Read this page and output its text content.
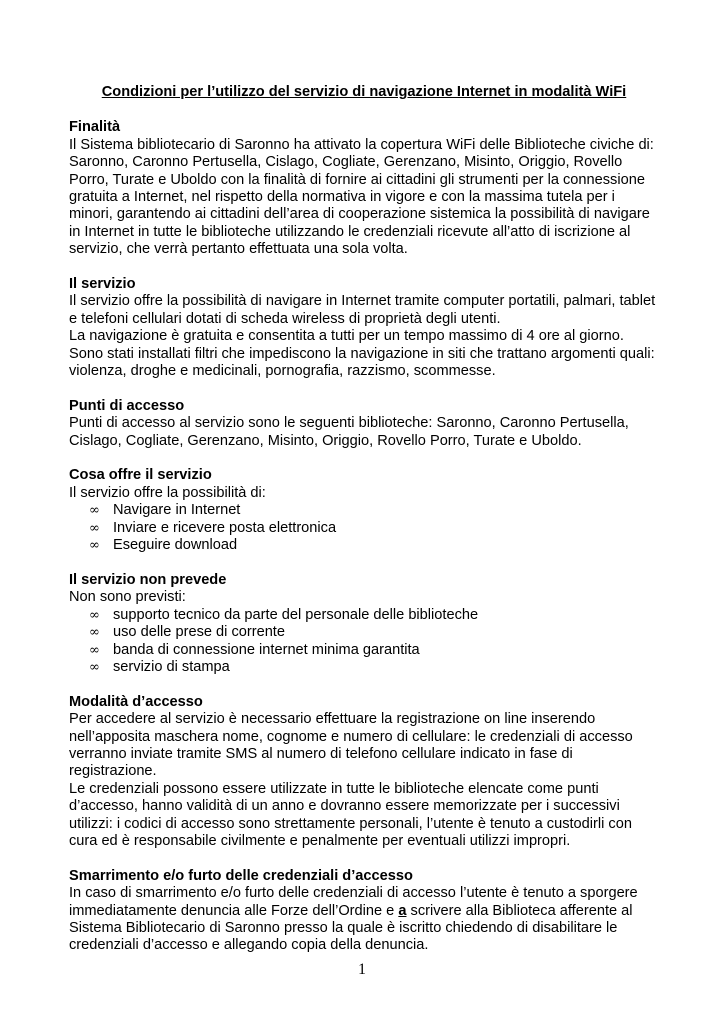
Condizioni per l’utilizzo del servizio di navigazione Internet in modalità WiFi

Finalità

Il Sistema bibliotecario di Saronno ha attivato la copertura WiFi delle Biblioteche civiche di: Saronno, Caronno Pertusella, Cislago, Cogliate, Gerenzano, Misinto, Origgio, Rovello Porro, Turate e Uboldo con la finalità di fornire ai cittadini gli strumenti per la connessione gratuita a Internet, nel rispetto della normativa in vigore e con la massima tutela per i minori, garantendo ai cittadini dell’area di cooperazione sistemica la possibilità di navigare in Internet in tutte le biblioteche utilizzando le credenziali ricevute all’atto di iscrizione al servizio, che verrà pertanto effettuata una sola volta.

Il servizio

Il servizio offre la possibilità di navigare in Internet tramite computer portatili, palmari, tablet e telefoni cellulari dotati di scheda wireless di proprietà degli utenti.

La navigazione è gratuita e consentita a tutti per un tempo massimo di 4 ore al giorno.

Sono stati installati filtri che impediscono la navigazione in siti che trattano argomenti quali: violenza, droghe e medicinali, pornografia, razzismo, scommesse.

Punti di accesso

Punti di accesso al servizio sono le seguenti biblioteche: Saronno, Caronno Pertusella, Cislago, Cogliate, Gerenzano, Misinto, Origgio, Rovello Porro, Turate e Uboldo.

Cosa offre il servizio

Il servizio offre la possibilità di:

∞ Navigare in Internet
∞ Inviare e ricevere posta elettronica
∞ Eseguire download

Il servizio non prevede

Non sono previsti:

∞ supporto tecnico da parte del personale delle biblioteche
∞ uso delle prese di corrente
∞ banda di connessione internet minima garantita
∞ servizio di stampa

Modalità d’accesso

Per accedere al servizio è necessario effettuare la registrazione on line inserendo nell’apposita maschera nome, cognome e numero di cellulare: le credenziali di accesso verranno inviate tramite SMS al numero di telefono cellulare indicato in fase di registrazione.

Le credenziali possono essere utilizzate in tutte le biblioteche elencate come punti d’accesso, hanno validità di un anno e dovranno essere memorizzate per i successivi utilizzi: i codici di accesso sono strettamente personali, l’utente è tenuto a custodirli con cura ed è responsabile civilmente e penalmente per eventuali utilizzi impropri.

Smarrimento e/o furto delle credenziali d’accesso

In caso di smarrimento e/o furto delle credenziali di accesso l’utente è tenuto a sporgere immediatamente denuncia alle Forze dell’Ordine e a scrivere alla Biblioteca afferente al Sistema Bibliotecario di Saronno presso la quale è iscritto chiedendo di disabilitare le credenziali d’accesso e allegando copia della denuncia.

1
